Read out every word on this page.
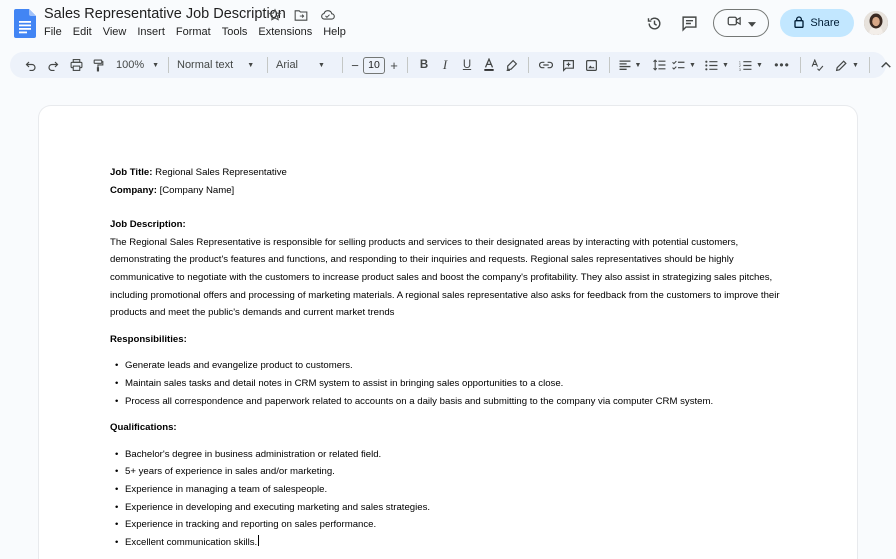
Sales Representative Job Description
File Edit View Insert Format Tools Extensions Help
Share
100% ▼ Normal text ▼ Arial	▼ − 10 +	B	I	U	▼	▼	▼ 1
2
3
▼ •••	▼

Job Title: Regional Sales Representative

Company: [Company Name]

Job Description:

The Regional Sales Representative is responsible for selling products and services to their designated areas by interacting with potential customers, demonstrating the product's features and functions, and responding to their inquiries and requests. Regional sales representatives should be highly communicative to negotiate with the customers to increase product sales and boost the company's profitability. They also assist in strategizing sales pitches, including promotional offers and processing of marketing materials. A regional sales representative also asks for feedback from the customers to improve their products and meet the public's demands and current market trends

Responsibilities:

• Generate leads and evangelize product to customers.
• Maintain sales tasks and detail notes in CRM system to assist in bringing sales opportunities to a close.
• Process all correspondence and paperwork related to accounts on a daily basis and submitting to the company via computer CRM system.

Qualifications:

• Bachelor's degree in business administration or related field.
• 5+ years of experience in sales and/or marketing.
• Experience in managing a team of salespeople.
• Experience in developing and executing marketing and sales strategies.
• Experience in tracking and reporting on sales performance.
• Excellent communication skills.
